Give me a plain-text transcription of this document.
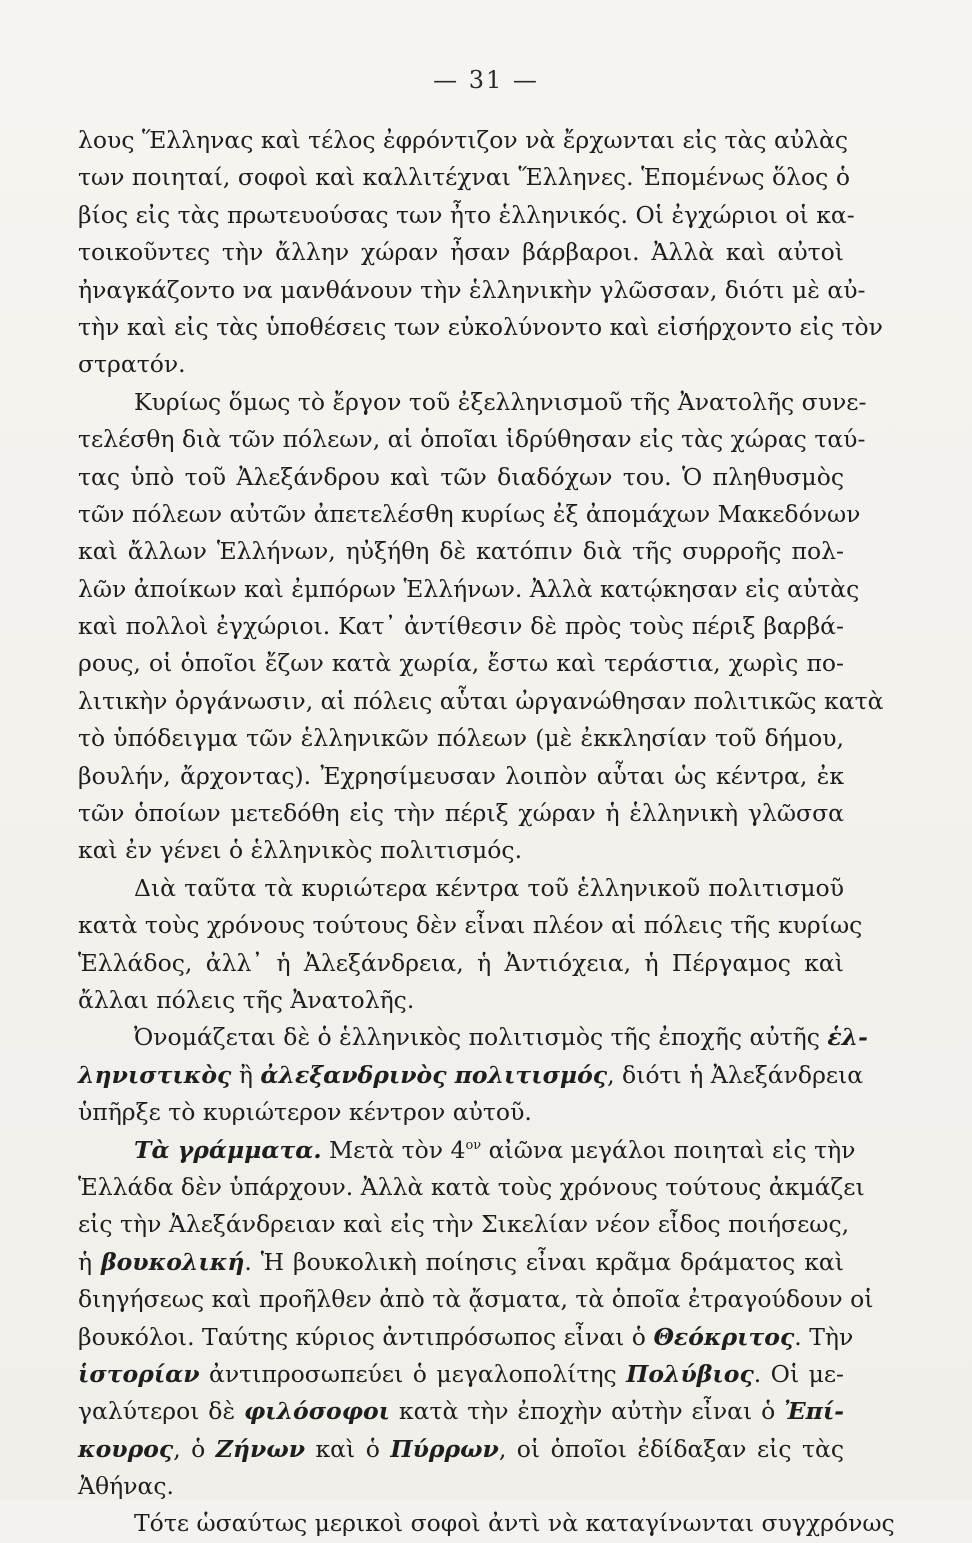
— 31 —
λους Ἕλληνας καὶ τέλος ἐφρόντιζον νὰ ἔρχωνται εἰς τὰς αὐλὰς
των ποιηταί, σοφοὶ καὶ καλλιτέχναι Ἕλληνες. Ἑπομένως ὅλος ὁ
βίος εἰς τὰς πρωτευούσας των ἦτο ἑλληνικός. Οἱ ἐγχώριοι οἱ κα-
τοικοῦντες τὴν ἄλλην χώραν ἦσαν βάρβαροι. Ἀλλὰ καὶ αὐτοὶ
ἠναγκάζοντο να μανθάνουν τὴν ἑλληνικὴν γλῶσσαν, διότι μὲ αὐ-
τὴν καὶ εἰς τὰς ὑποθέσεις των εὐκολύνοντο καὶ εἰσήρχοντο εἰς τὸν
στρατόν.
Κυρίως ὅμως τὸ ἔργον τοῦ ἐξελληνισμοῦ τῆς Ἀνατολῆς συνε-
τελέσθη διὰ τῶν πόλεων, αἱ ὁποῖαι ἱδρύθησαν εἰς τὰς χώρας ταύ-
τας ὑπὸ τοῦ Ἀλεξάνδρου καὶ τῶν διαδόχων του. Ὁ πληθυσμὸς
τῶν πόλεων αὐτῶν ἀπετελέσθη κυρίως ἐξ ἀπομάχων Μακεδόνων
καὶ ἄλλων Ἑλλήνων, ηὐξήθη δὲ κατόπιν διὰ τῆς συρροῆς πολ-
λῶν ἀποίκων καὶ ἐμπόρων Ἑλλήνων. Ἀλλὰ κατῴκησαν εἰς αὐτὰς
καὶ πολλοὶ ἐγχώριοι. Κατ᾽ ἀντίθεσιν δὲ πρὸς τοὺς πέριξ βαρβά-
ρους, οἱ ὁποῖοι ἔζων κατὰ χωρία, ἔστω καὶ τεράστια, χωρὶς πο-
λιτικὴν ὀργάνωσιν, αἱ πόλεις αὗται ὠργανώθησαν πολιτικῶς κατὰ
τὸ ὑπόδειγμα τῶν ἑλληνικῶν πόλεων (μὲ ἐκκλησίαν τοῦ δήμου,
βουλήν, ἄρχοντας). Ἐχρησίμευσαν λοιπὸν αὗται ὡς κέντρα, ἐκ
τῶν ὁποίων μετεδόθη εἰς τὴν πέριξ χώραν ἡ ἑλληνικὴ γλῶσσα
καὶ ἐν γένει ὁ ἑλληνικὸς πολιτισμός.
Διὰ ταῦτα τὰ κυριώτερα κέντρα τοῦ ἑλληνικοῦ πολιτισμοῦ
κατὰ τοὺς χρόνους τούτους δὲν εἶναι πλέον αἱ πόλεις τῆς κυρίως
Ἑλλάδος, ἀλλ᾽ ἡ Ἀλεξάνδρεια, ἡ Ἀντιόχεια, ἡ Πέργαμος καὶ
ἄλλαι πόλεις τῆς Ἀνατολῆς.
Ὀνομάζεται δὲ ὁ ἑλληνικὸς πολιτισμὸς τῆς ἐποχῆς αὐτῆς ἑλ-
ληνιστικὸς ἢ ἀλεξανδρινὸς πολιτισμός, διότι ἡ Ἀλεξάνδρεια
ὑπῆρξε τὸ κυριώτερον κέντρον αὐτοῦ.
Τὰ γράμματα. Μετὰ τὸν $4^{o\nu}$ αἰῶνα μεγάλοι ποιηταὶ εἰς τὴν
Ἑλλάδα δὲν ὑπάρχουν. Ἀλλὰ κατὰ τοὺς χρόνους τούτους ἀκμάζει
εἰς τὴν Ἀλεξάνδρειαν καὶ εἰς τὴν Σικελίαν νέον εἶδος ποιήσεως,
ἡ βουκολική. Ἡ βουκολικὴ ποίησις εἶναι κρᾶμα δράματος καὶ
διηγήσεως καὶ προῆλθεν ἀπὸ τὰ ᾄσματα, τὰ ὁποῖα ἐτραγούδουν οἱ
βουκόλοι. Ταύτης κύριος ἀντιπρόσωπος εἶναι ὁ Θεόκριτος. Τὴν
ἱστορίαν ἀντιπροσωπεύει ὁ μεγαλοπολίτης Πολύβιος. Οἱ με-
γαλύτεροι δὲ φιλόσοφοι κατὰ τὴν ἐποχὴν αὐτὴν εἶναι ὁ Ἐπί-
κουρος, ὁ Ζήνων καὶ ὁ Πύρρων, οἱ ὁποῖοι ἐδίδαξαν εἰς τὰς
Ἀθήνας.
Τότε ὡσαύτως μερικοὶ σοφοὶ ἀντὶ νὰ καταγίνωνται συγχρόνως
